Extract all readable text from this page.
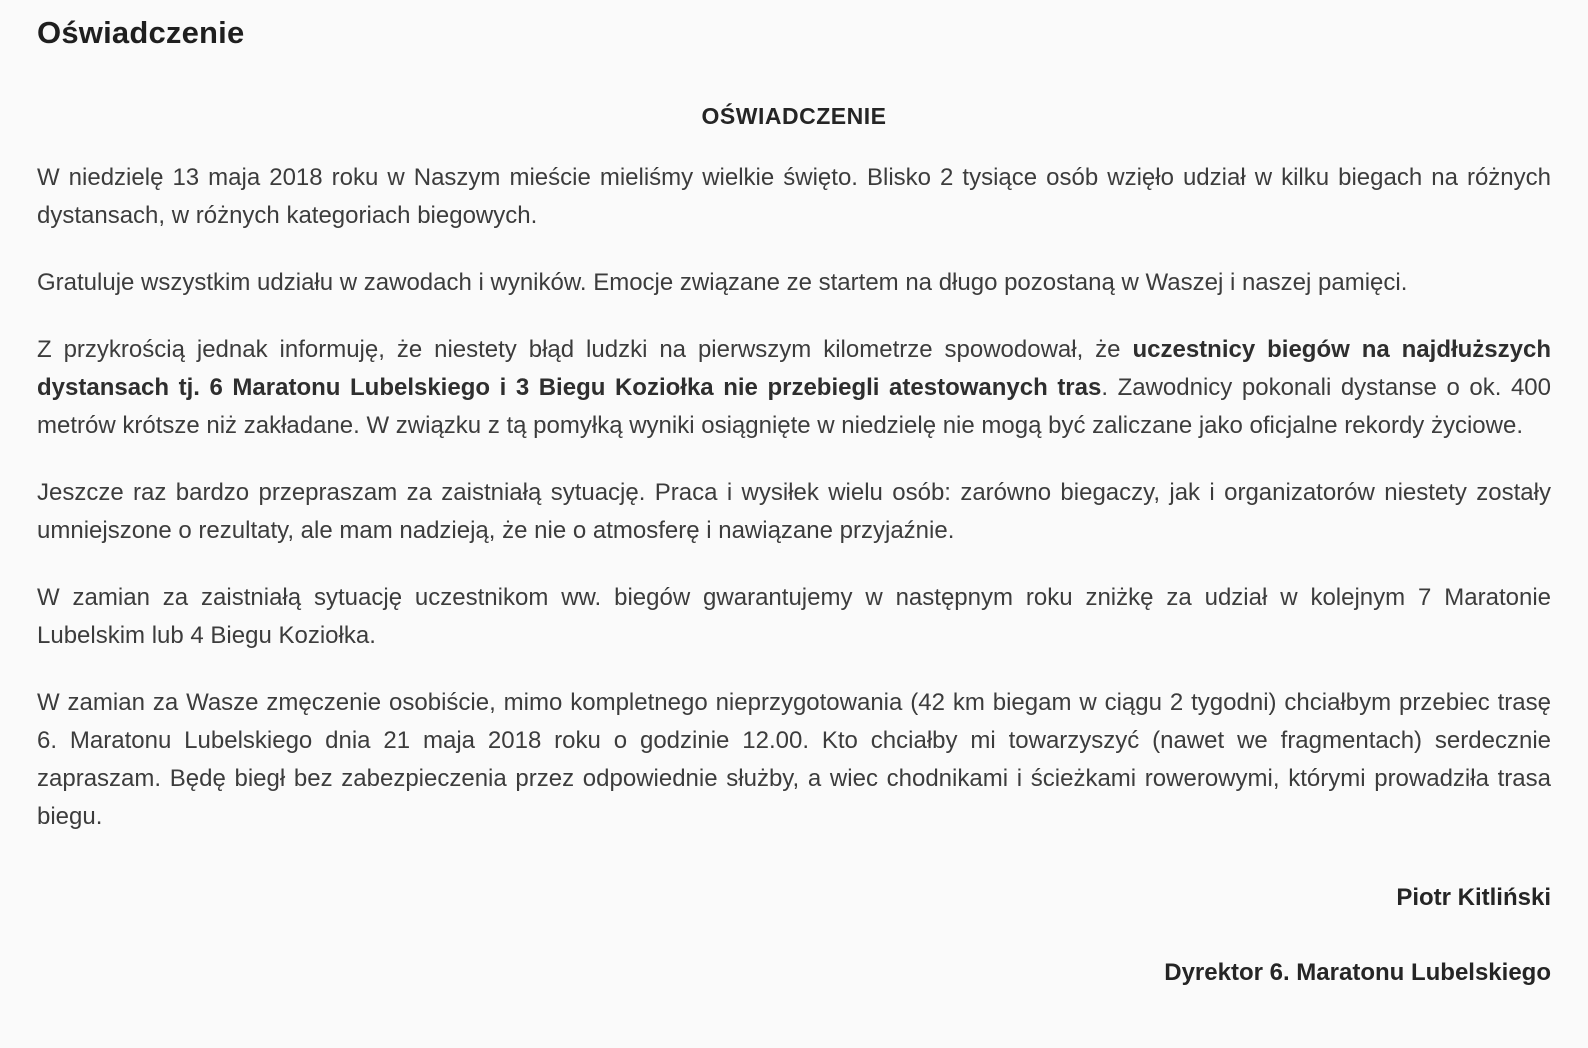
Oświadczenie
OŚWIADCZENIE

W niedzielę 13 maja 2018 roku w Naszym mieście mieliśmy wielkie święto. Blisko 2 tysiące osób wzięło udział w kilku biegach na różnych dystansach, w różnych kategoriach biegowych.

Gratuluje wszystkim udziału w zawodach i wyników. Emocje związane ze startem na długo pozostaną w Waszej i naszej pamięci.

Z przykrością jednak informuję, że niestety błąd ludzki na pierwszym kilometrze spowodował, że uczestnicy biegów na najdłuższych dystansach tj. 6 Maratonu Lubelskiego i 3 Biegu Koziołka nie przebiegli atestowanych tras. Zawodnicy pokonali dystanse o ok. 400 metrów krótsze niż zakładane. W związku z tą pomyłką wyniki osiągnięte w niedzielę nie mogą być zaliczane jako oficjalne rekordy życiowe.

Jeszcze raz bardzo przepraszam za zaistniałą sytuację. Praca i wysiłek wielu osób: zarówno biegaczy, jak i organizatorów niestety zostały umniejszone o rezultaty, ale mam nadzieją, że nie o atmosferę i nawiązane przyjaźnie.

W zamian za zaistniałą sytuację uczestnikom ww. biegów gwarantujemy w następnym roku zniżkę za udział w kolejnym 7 Maratonie Lubelskim lub 4 Biegu Koziołka.

W zamian za Wasze zmęczenie osobiście, mimo kompletnego nieprzygotowania (42 km biegam w ciągu 2 tygodni) chciałbym przebiec trasę 6. Maratonu Lubelskiego dnia 21 maja 2018 roku o godzinie 12.00. Kto chciałby mi towarzyszyć (nawet we fragmentach) serdecznie zapraszam. Będę biegł bez zabezpieczenia przez odpowiednie służby, a wiec chodnikami i ścieżkami rowerowymi, którymi prowadziła trasa biegu.

Piotr Kitliński

Dyrektor 6. Maratonu Lubelskiego
